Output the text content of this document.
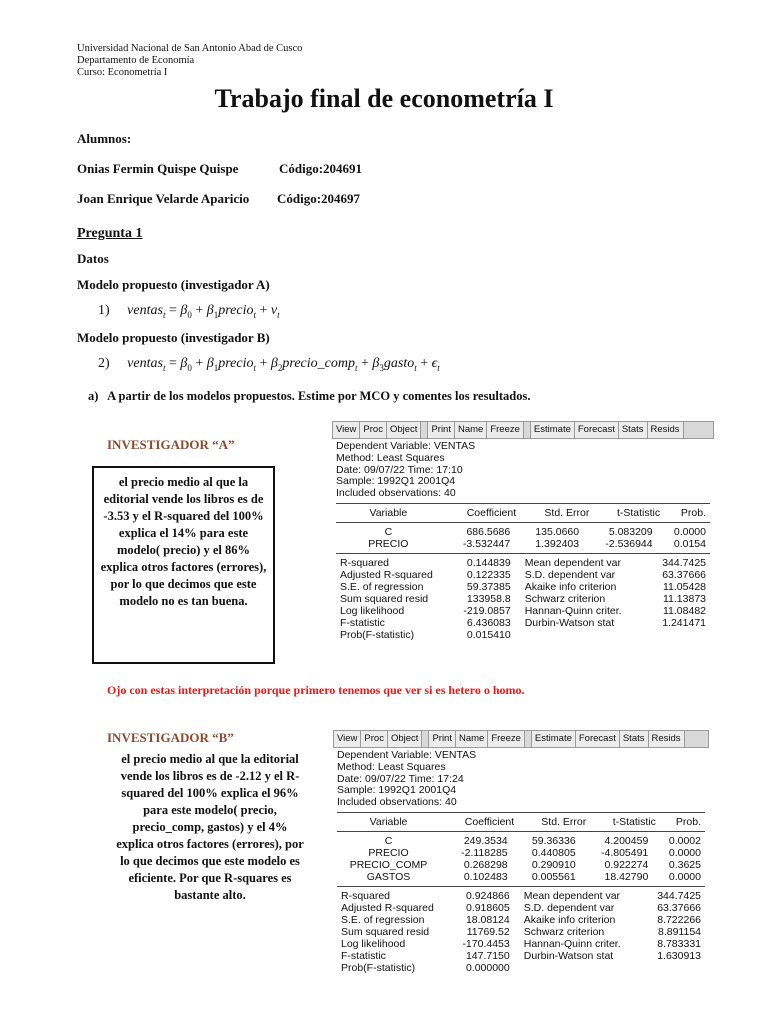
Universidad Nacional de San Antonio Abad de Cusco
Departamento de Economía
Curso: Econometría I
Trabajo final de econometría I
Alumnos:
Onias Fermin Quispe Quispe	Código:204691
Joan Enrique Velarde Aparicio Código:204697
Pregunta 1
Datos
Modelo propuesto (investigador A)
1) ventas$_t$ = $\beta_0$ + $\beta_1precio_t + v_t$
Modelo propuesto (investigador B)
2) ventas$_t$ = $\beta_0$ + $\beta_1precio_t$ + $\beta_2precio\_comp_t$ + $\beta_3gasto_t + \epsilon_t$
a)   A partir de los modelos propuestos. Estime por MCO y comentes los resultados.
INVESTIGADOR “A”
el precio medio al que la editorial vende los libros es de -3.53 y el R-squared del 100% explica el 14% para este modelo( precio) y el 86% explica otros factores (errores), por lo que decimos que este modelo no es tan buena.
View Proc Object	Print Name Freeze	Estimate Forecast Stats Resids
Dependent Variable: VENTAS
Method: Least Squares
Date: 09/07/22 Time: 17:10
Sample: 1992Q1 2001Q4
Included observations: 40
Variable	Coefficient	Std. Error	t-Statistic	Prob.
C	686.5686	135.0660	5.083209	0.0000
PRECIO	-3.532447	1.392403	-2.536944	0.0154
R-squared	0.144839	Mean dependent var	344.7425
Adjusted R-squared	0.122335	S.D. dependent var	63.37666
S.E. of regression	59.37385	Akaike info criterion	11.05428
Sum squared resid	133958.8	Schwarz criterion	11.13873
Log likelihood	-219.0857	Hannan-Quinn criter.	11.08482
F-statistic	6.436083	Durbin-Watson stat	1.241471
Prob(F-statistic)	0.015410		
Ojo con estas interpretación porque primero tenemos que ver si es hetero o homo.
INVESTIGADOR “B”
el precio medio al que la editorial vende los libros es de -2.12 y el R-squared del 100% explica el 96% para este modelo( precio, precio_comp, gastos) y el 4% explica otros factores (errores), por lo que decimos que este modelo es eficiente. Por que R-squares es bastante alto.
View Proc Object	Print Name Freeze	Estimate Forecast Stats Resids
Dependent Variable: VENTAS
Method: Least Squares
Date: 09/07/22 Time: 17:24
Sample: 1992Q1 2001Q4
Included observations: 40
Variable	Coefficient	Std. Error	t-Statistic	Prob.
C	249.3534	59.36336	4.200459	0.0002
PRECIO	-2.118285	0.440805	-4.805491	0.0000
PRECIO_COMP	0.268298	0.290910	0.922274	0.3625
GASTOS	0.102483	0.005561	18.42790	0.0000
R-squared	0.924866	Mean dependent var	344.7425
Adjusted R-squared	0.918605	S.D. dependent var	63.37666
S.E. of regression	18.08124	Akaike info criterion	8.722266
Sum squared resid	11769.52	Schwarz criterion	8.891154
Log likelihood	-170.4453	Hannan-Quinn criter.	8.783331
F-statistic	147.7150	Durbin-Watson stat	1.630913
Prob(F-statistic)	0.000000		
